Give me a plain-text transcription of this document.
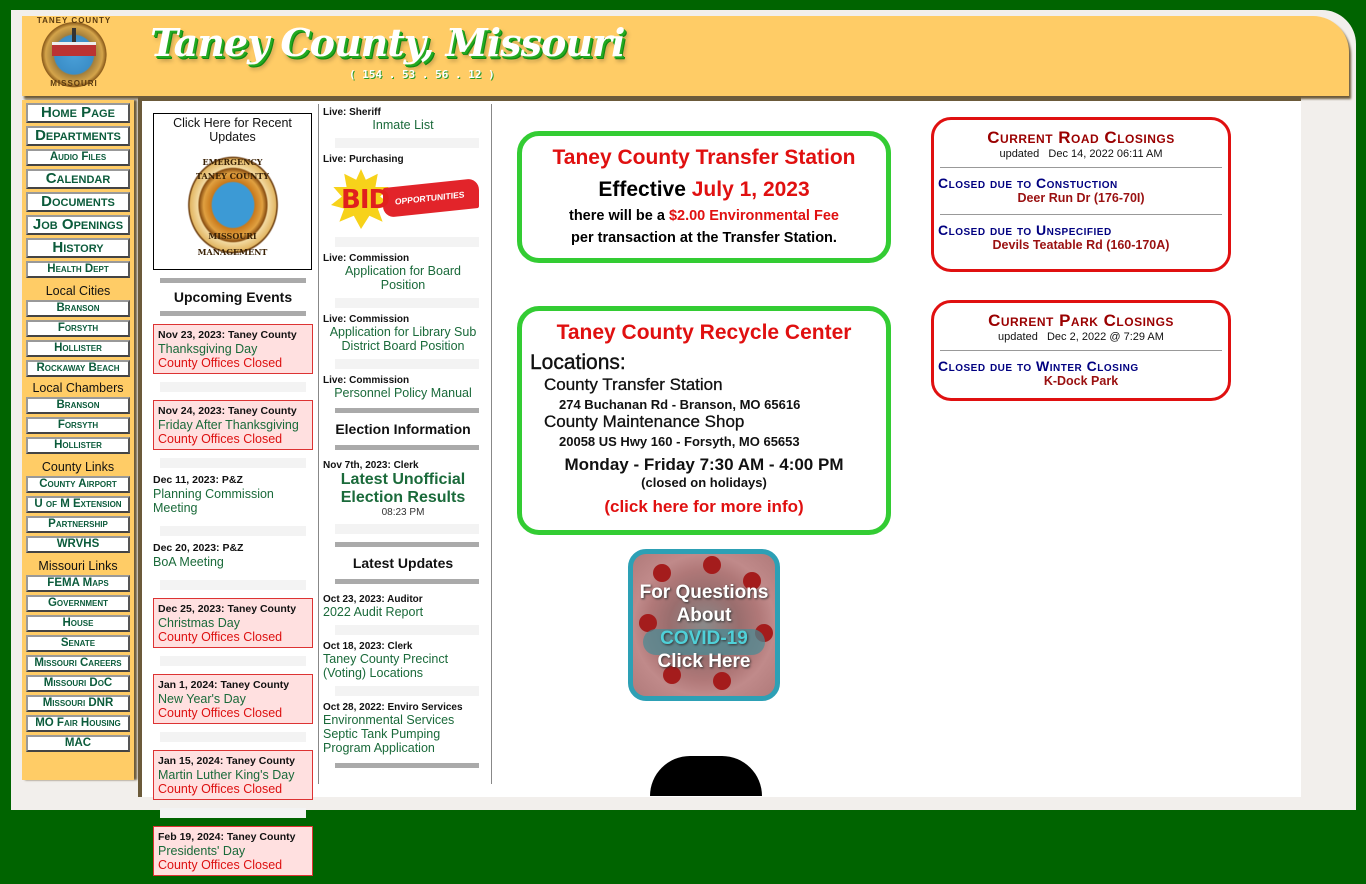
TANEY COUNTY
MISSOURI
Taney County, Missouri
( 154 . 53 . 56 . 12 )
Home Page
Departments
Audio Files
Calendar
Documents
Job Openings
History
Health Dept
Local Cities
Branson
Forsyth
Hollister
Rockaway Beach
Local Chambers
Branson
Forsyth
Hollister
County Links
County Airport
U of M Extension
Partnership
WRVHS
Missouri Links
FEMA Maps
Government
House
Senate
Missouri Careers
Missouri DoC
Missouri DNR
MO Fair Housing
MAC
Click Here for Recent Updates
EMERGENCY
TANEY COUNTY
MISSOURI
MANAGEMENT
Upcoming Events
Nov 23, 2023: Taney County
Thanksgiving Day
County Offices Closed
Nov 24, 2023: Taney County
Friday After Thanksgiving
County Offices Closed
Dec 11, 2023: P&Z
Planning Commission Meeting
Dec 20, 2023: P&Z
BoA Meeting
Dec 25, 2023: Taney County
Christmas Day
County Offices Closed
Jan 1, 2024: Taney County
New Year's Day
County Offices Closed
Jan 15, 2024: Taney County
Martin Luther King's Day
County Offices Closed
Feb 19, 2024: Taney County
Presidents' Day
County Offices Closed
Live: Sheriff
Inmate List
Live: Purchasing
BID OPPORTUNITIES
Live: Commission
Application for Board Position
Live: Commission
Application for Library Sub District Board Position
Live: Commission
Personnel Policy Manual
Election Information
Nov 7th, 2023: Clerk
Latest Unofficial Election Results
08:23 PM
Latest Updates
Oct 23, 2023: Auditor
2022 Audit Report
Oct 18, 2023: Clerk
Taney County Precinct (Voting) Locations
Oct 28, 2022: Enviro Services
Environmental Services Septic Tank Pumping Program Application
Taney County Transfer Station
Effective July 1, 2023
there will be a $2.00 Environmental Fee
per transaction at the Transfer Station.
Taney County Recycle Center
Locations:
County Transfer Station
274 Buchanan Rd - Branson, MO 65616
County Maintenance Shop
20058 US Hwy 160 - Forsyth, MO 65653
Monday - Friday 7:30 AM - 4:00 PM
(closed on holidays)
(click here for more info)
For Questions
About
COVID-19
Click Here
Current Road Closings
updated   Dec 14, 2022 06:11 AM
Closed due to Constuction
Deer Run Dr (176-70I)
Closed due to Unspecified
Devils Teatable Rd (160-170A)
Current Park Closings
updated   Dec 2, 2022 @ 7:29 AM
Closed due to Winter Closing
K-Dock Park
